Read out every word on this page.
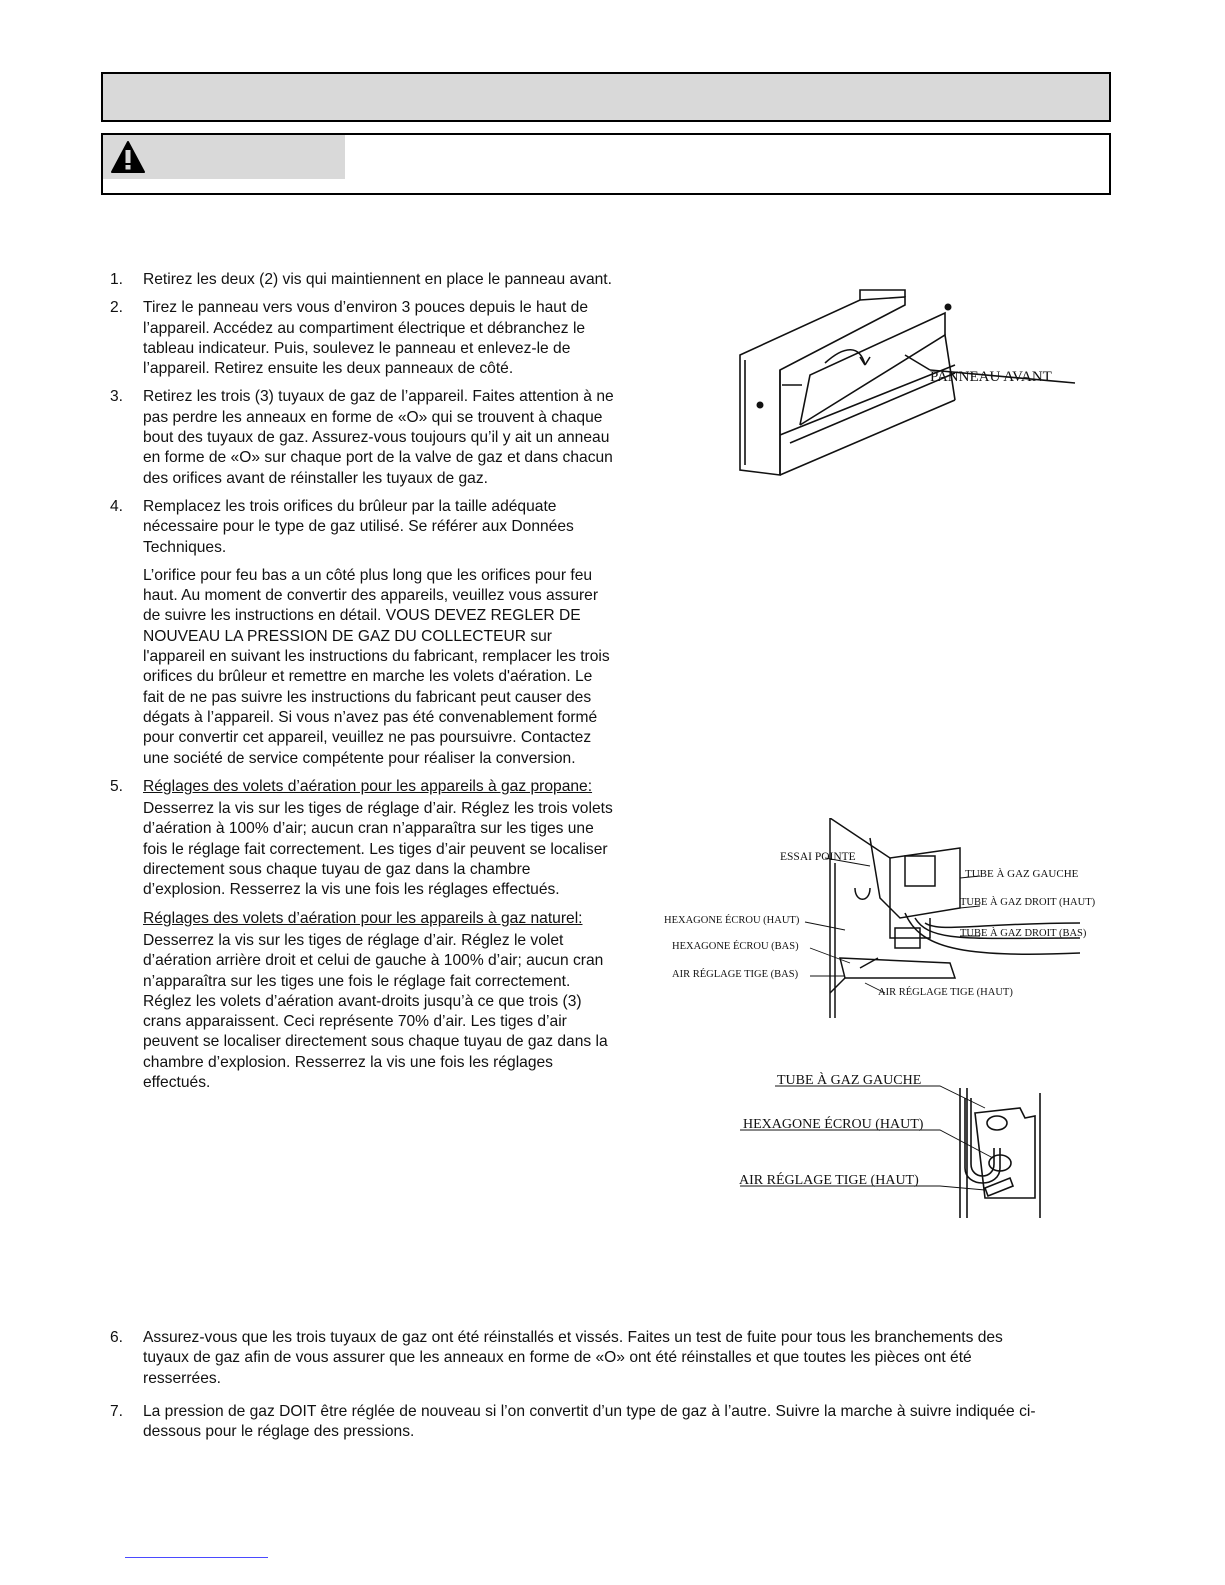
1. Retirez les deux (2) vis qui maintiennent en place le panneau avant.
2. Tirez le panneau vers vous d’environ 3 pouces depuis le haut de l’appareil. Accédez au compartiment électrique et débranchez le tableau indicateur. Puis, soulevez le panneau et enlevez-le de l’appareil. Retirez ensuite les deux panneaux de côté.
3. Retirez les trois (3) tuyaux de gaz de l’appareil. Faites attention à ne pas perdre les anneaux en forme de «O» qui se trouvent à chaque bout des tuyaux de gaz. Assurez-vous toujours qu’il y ait un anneau en forme de «O» sur chaque port de la valve de gaz et dans chacun des orifices avant de réinstaller les tuyaux de gaz.
4. Remplacez les trois orifices du brûleur par la taille adéquate nécessaire pour le type de gaz utilisé. Se référer aux Données Techniques.
L’orifice pour feu bas a un côté plus long que les orifices pour feu haut. Au moment de convertir des appareils, veuillez vous assurer de suivre les instructions en détail. VOUS DEVEZ REGLER DE NOUVEAU LA PRESSION DE GAZ DU COLLECTEUR sur l'appareil en suivant les instructions du fabricant, remplacer les trois orifices du brûleur et remettre en marche les volets d'aération. Le fait de ne pas suivre les instructions du fabricant peut causer des dégats à l’appareil. Si vous n’avez pas été convenablement formé pour convertir cet appareil, veuillez ne pas poursuivre. Contactez une société de service compétente pour réaliser la conversion.
5. Réglages des volets d’aération pour les appareils à gaz propane:
Desserrez la vis sur les tiges de réglage d’air. Réglez les trois volets d’aération à 100% d’air; aucun cran n’apparaîtra sur les tiges une fois le réglage fait correctement. Les tiges d’air peuvent se localiser directement sous chaque tuyau de gaz dans la chambre d’explosion. Resserrez la vis une fois les réglages effectués.
Réglages des volets d’aération pour les appareils à gaz naturel:
Desserrez la vis sur les tiges de réglage d’air. Réglez le volet d’aération arrière droit et celui de gauche à 100% d’air; aucun cran n’apparaîtra sur les tiges une fois le réglage fait correctement. Réglez les volets d’aération avant-droits jusqu’à ce que trois (3) crans apparaissent. Ceci représente 70% d’air. Les tiges d’air peuvent se localiser directement sous chaque tuyau de gaz dans la chambre d’explosion. Resserrez la vis une fois les réglages effectués.
6. Assurez-vous que les trois tuyaux de gaz ont été réinstallés et vissés. Faites un test de fuite pour tous les branchements des tuyaux de gaz afin de vous assurer que les anneaux en forme de «O» ont été réinstalles et que toutes les pièces ont été resserrées.
7. La pression de gaz DOIT être réglée de nouveau si l’on convertit d’un type de gaz à l’autre. Suivre la marche à suivre indiquée ci-dessous pour le réglage des pressions.
PANNEAU AVANT
ESSAI POINTE
TUBE À GAZ GAUCHE
TUBE À GAZ DROIT (HAUT)
TUBE À GAZ DROIT (BAS)
HEXAGONE ÉCROU (HAUT)
HEXAGONE ÉCROU (BAS)
AIR RÉGLAGE TIGE (BAS)
AIR RÉGLAGE TIGE (HAUT)
TUBE À GAZ GAUCHE
HEXAGONE ÉCROU (HAUT)
AIR RÉGLAGE TIGE (HAUT)
